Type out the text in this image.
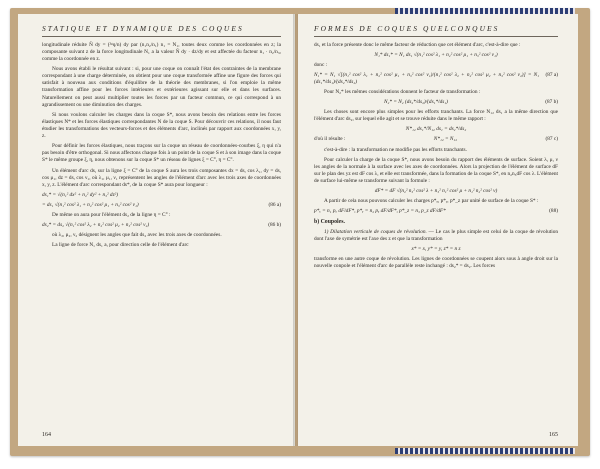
STATIQUE ET DYNAMIQUE DES COQUES

longitudinale réduite N̄ dy = (²ᵍq/n) dy par (n₁n₂/n₁) n₁ = N₁, toutes deux comme les coordonnées en z; la composante suivant z de la force longitudinale N₁ a la valeur N̄ dy · dz/dy et est affectée du facteur n₁ · n₂/n₃, comme la coordonnée en z.

Nous avons établi le résultat suivant : si, pour une coque on connaît l'état des contraintes de la membrane correspondant à une charge déterminée, on obtient pour une coque transformée affine une figure des forces qui satisfait à nouveau aux conditions d'équilibre de la théorie des membranes, si l'on emploie la même transformation affine pour les forces intérieures et extérieures agissant sur elle et dans les surfaces. Naturellement on peut aussi multiplier toutes les forces par un facteur commun, ce qui correspond à un agrandissement ou une diminution des charges.

Si nous voulons calculer les charges dans la coque S*, nous avons besoin des relations entre les forces élastiques N* et les forces élastiques correspondantes N de la coque S. Pour découvrir ces relations, il nous faut étudier les transformations des vecteurs-forces et des éléments d'arc, inclinés par rapport aux coordonnées x, y, z.

Pour définir les forces élastiques, nous traçons sur la coque un réseau de coordonnées-courbes ξ, η qui n'a pas besoin d'être orthogonal. Si nous affectons chaque fois à un point de la coque S et à son image dans la coque S* le même groupe ξ, η, nous obtenons sur la coque S* un réseau de lignes ξ = C°, η = C°.

Un élément d'arc ds, sur la ligne ξ = C° de la coque S aura les trois composantes dx = ds, cos λ₁, dy = ds, cos μ₁, dz = ds, cos ν₁, où λ₁, μ₁, ν₁ représentent les angles de l'élément d'arc avec les trois axes de coordonnées x, y, z. L'élément d'arc correspondant ds*, de la coque S* aura pour longueur :

ds₁* = √(n₁² dx² + n₂² dy² + n₃² dz²)
= ds₁ √(n₁² cos² λ₁ + n₂² cos² μ₁ + n₃² cos² ν₁)	(86 a)

De même on aura pour l'élément ds₂ de la ligne η = C° :

ds₂* = ds₂ √(n₁² cos² λ₂ + n₂² cos² μ₂ + n₃² cos² ν₂)	(86 b)

où λ₂, μ₂, ν₂ désignent les angles que fait ds₂ avec les trois axes de coordonnées.

La ligne de force N₁ ds₁ a, pour direction celle de l'élément d'arc

164
FORMES DE COQUES QUELCONQUES

ds₁ et la force présente donc le même facteur de réduction que cet élément d'arc, c'est-à-dire que :

N₁* ds₁* = N₁ ds₁ √(n₁² cos² λ₁ + n₂² cos² μ₁ + n₃² cos² ν₁)

donc :

N₁* = N₁ √[(n₁² cos² λ₁ + n₂² cos² μ₁ + n₃² cos² ν₁)/(n₁² cos² λ₂ + n₂² cos² μ₂ + n₃² cos² ν₂)] = N₁ (ds₁*/ds₁)/(ds₂*/ds₂)
(87 a)

Pour N₂* les mêmes considérations donnent le facteur de transformation :

N₂* = N₂ (ds₂*/ds₂)/(ds₁*/ds₁)	(87 b)

Les choses sont encore plus simples pour les efforts tranchants. La force N₁₂ ds₁ a la même direction que l'élément d'arc ds₂, sur lequel elle agit et se trouve réduite dans le même rapport :

N*₁₂ ds₁*/N₁₂ ds₁ = ds₂*/ds₂
d'où il résulte :	N*₁₂ = N₁₂	(87 c)

c'est-à-dire : la transformation ne modifie pas les efforts tranchants.

Pour calculer la charge de la coque S*, nous avons besoin du rapport des éléments de surface. Soient λ, μ, ν les angles de la normale à la surface avec les axes de coordonnées. Alors la projection de l'élément de surface dF sur le plan des yz est dF cos λ, et elle est transformée, dans la formation de la coque S*, en n₂n₃dF cos λ. L'élément de surface lui-même se transforme suivant la formule :

dF* = dF √(n₂² n₃² cos² λ + n₃² n₁² cos² μ + n₁² n₂² cos² ν)

A partir de cela nous pouvons calculer les charges p*ₓ, p*ᵧ, p*_z par unité de surface de la coque S* :

p*ₓ = n₁ pₓ dF/dF*, p*ᵧ = n₂ pᵧ dF/dF*, p*_z = n₃ p_z dF/dF*	(88)
b) Coupoles.

1) Dilatation verticale de coques de révolution. — Le cas le plus simple est celui de la coque de révolution dont l'axe de symétrie est l'axe des z et que la transformation

x* = x, y* = y, z* = n z

transforme en une autre coque de révolution. Les lignes de coordonnées se coupent alors sous à angle droit sur la nouvelle conpole et l'élément d'arc de parallèle reste inchangé : ds₂* = ds₂. Les forces

165
